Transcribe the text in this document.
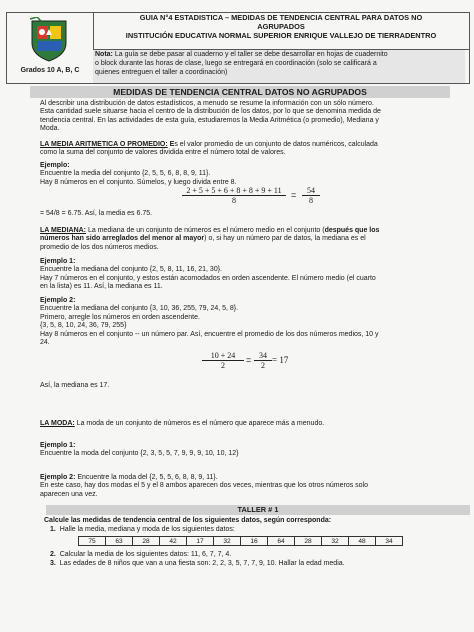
Grados 10 A, B, C
GUIA N°4 ESTADISTICA – MEDIDAS DE TENDENCIA CENTRAL PARA DATOS NO
AGRUPADOS
INSTITUCIÓN EDUCATIVA NORMAL SUPERIOR ENRIQUE VALLEJO DE TIERRADENTRO
Nota: La guía se debe pasar al cuaderno y el taller se debe desarrollar en hojas de cuadernito
o block durante las horas de clase, luego se entregará en coordinación (solo se calificará a
quienes entreguen el taller a coordinación)
MEDIDAS DE TENDENCIA CENTRAL DATOS NO AGRUPADOS
Al describir una distribución de datos estadísticos, a menudo se resume la información con un sólo número.
Esta cantidad suele situarse hacia el centro de la distribución de los datos, por lo que se denomina medida de
tendencia central. En las actividades de esta guía, estudiaremos la Media Aritmética (o promedio), Mediana y
Moda.
LA MEDIA ARITMETICA O PROMEDIO: Es el valor promedio de un conjunto de datos numéricos, calculada
como la suma del conjunto de valores dividida entre el número total de valores.
Ejemplo:
Encuentre la media del conjunto {2, 5, 5, 6, 8, 8, 9, 11}.
Hay 8 números en el conjunto. Súmelos, y luego divida entre 8.
$\frac{2 + 5 + 5 + 6 + 8 + 8 + 9 + 11}{8} = \frac{54}{8}$
= 54/8 = 6.75. Así, la media es 6.75.
LA MEDIANA: La mediana de un conjunto de números es el número medio en el conjunto (después que los
números han sido arreglados del menor al mayor) o, si hay un número par de datos, la mediana es el
promedio de los dos números medios.
Ejemplo 1:
Encuentre la mediana del conjunto {2, 5, 8, 11, 16, 21, 30}.
Hay 7 números en el conjunto, y estos están acomodados en orden ascendente. El número medio (el cuarto
en la lista) es 11. Así, la mediana es 11.
Ejemplo 2:
Encuentre la mediana del conjunto {3, 10, 36, 255, 79, 24, 5, 8}.
Primero, arregle los números en orden ascendente.
{3, 5, 8, 10, 24, 36, 79, 255}
Hay 8 números en el conjunto -- un número par. Así, encuentre el promedio de los dos números medios, 10 y
24.
$\frac{10 + 24}{2} = \frac{34}{2} = 17$
Así, la mediana es 17.
LA MODA: La moda de un conjunto de números es el número que aparece más a menudo.
Ejemplo 1:
Encuentre la moda del conjunto {2, 3, 5, 5, 7, 9, 9, 9, 10, 10, 12}
Ejemplo 2: Encuentre la moda del {2, 5, 5, 6, 8, 8, 9, 11}.
En este caso, hay dos modas el 5 y el 8 ambos aparecen dos veces, mientras que los otros números solo
aparecen una vez.
TALLER # 1
Calcule las medidas de tendencia central de los siguientes datos, según corresponda:
1. Halle la media, mediana y moda de los siguientes datos:
75	63	28	42	17	32	16	64	28	32	48	34
2. Calcular la media de los siguientes datos: 11, 6, 7, 7, 4.
3. Las edades de 8 niños que van a una fiesta son: 2, 2, 3, 5, 7, 7, 9, 10. Hallar la edad media.
